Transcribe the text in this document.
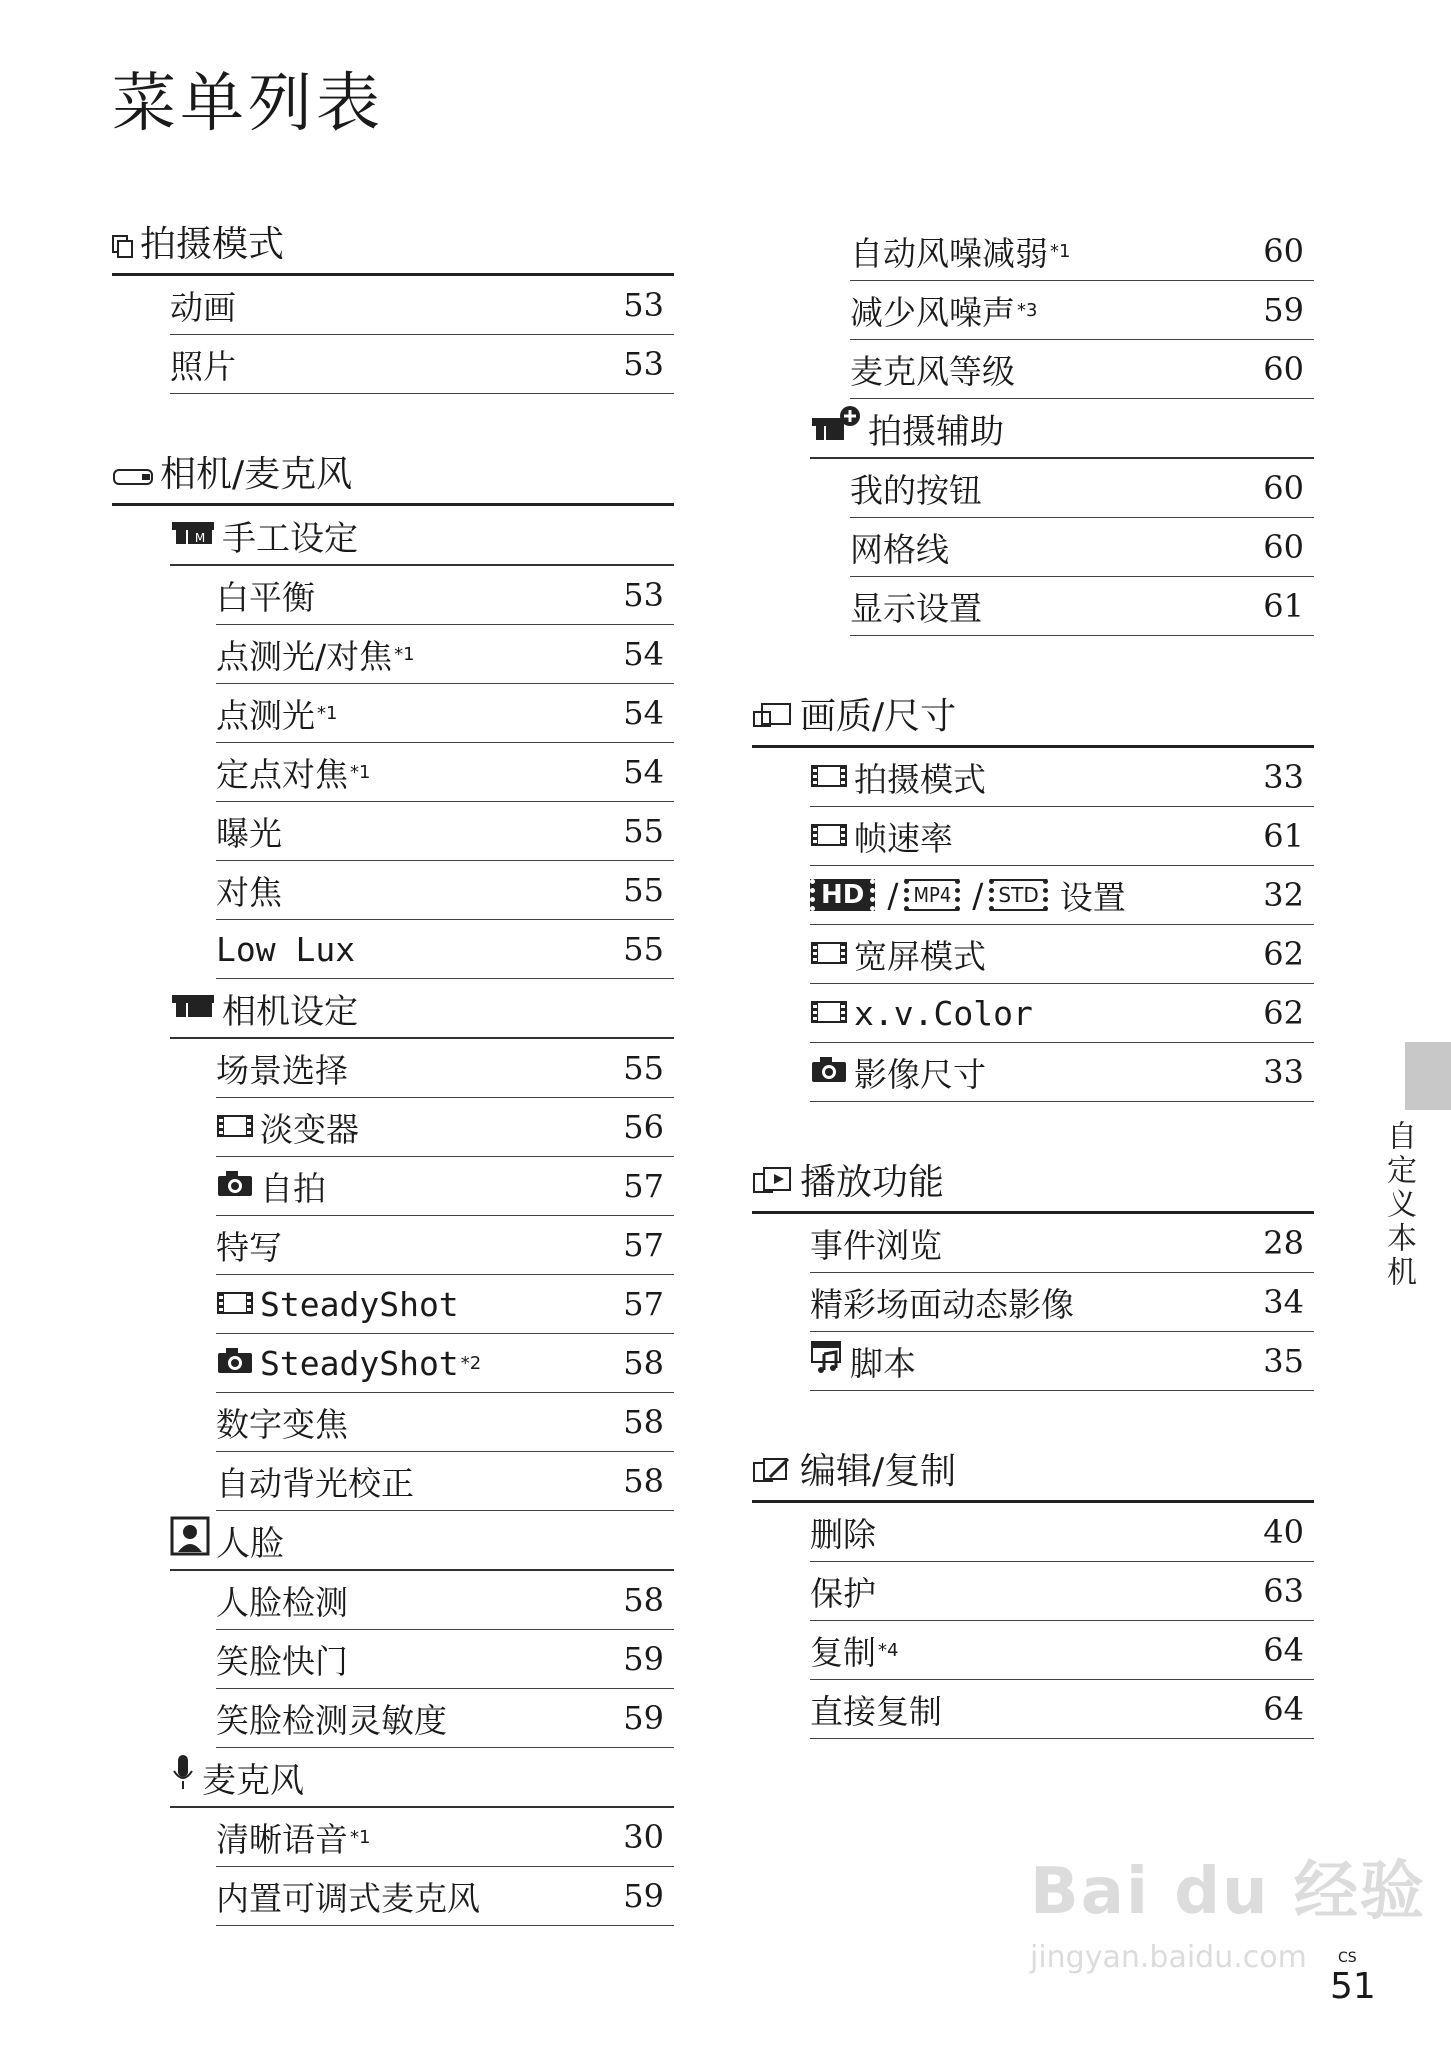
菜单列表
拍摄模式
动画	53
照片	53
相机/麦克风
M 手工设定
白平衡	53
点测光/对焦 *1	54
点测光 *1	54
定点对焦 *1	54
曝光	55
对焦	55
Low Lux	55
相机设定
场景选择	55
淡变器	56
自拍	57
特写	57
SteadyShot	57
SteadyShot *2	58
数字变焦	58
自动背光校正	58
人脸
人脸检测	58
笑脸快门	59
笑脸检测灵敏度	59
麦克风
清晰语音 *1	30
内置可调式麦克风	59
自动风噪减弱 *1	60
减少风噪声 *3	59
麦克风等级	60
拍摄辅助
我的按钮	60
网格线	60
显示设置	61
画质/尺寸
拍摄模式	33
帧速率	61
HD / MP4 / STD 设置	32
宽屏模式	62
x.v.Color	62
影像尺寸	33
播放功能
事件浏览	28
精彩场面动态影像	34
脚本	35
编辑/复制
删除	40
保护	63
复制 *4	64
直接复制	64
自定义本机
Bai du 经验
jingyan.baidu.com CS
51
